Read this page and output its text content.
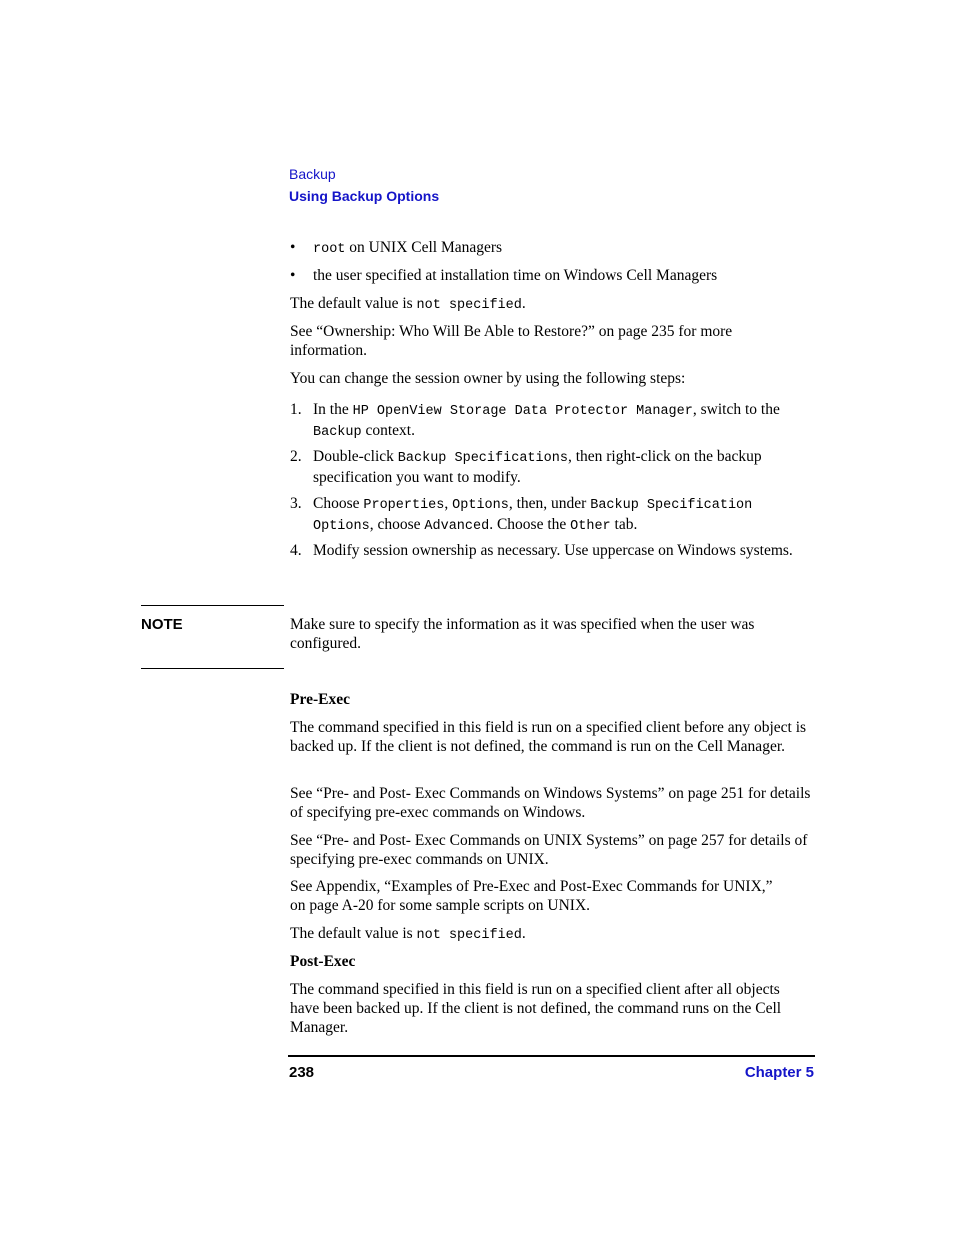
Backup
Using Backup Options
• root on UNIX Cell Managers

• the user specified at installation time on Windows Cell Managers

The default value is not specified.

See “Ownership: Who Will Be Able to Restore?” on page 235 for more information.

You can change the session owner by using the following steps:

1. In the HP OpenView Storage Data Protector Manager, switch to the Backup context.

2. Double-click Backup Specifications, then right-click on the backup specification you want to modify.

3. Choose Properties, Options, then, under Backup Specification Options, choose Advanced. Choose the Other tab.

4. Modify session ownership as necessary. Use uppercase on Windows systems.

NOTE	Make sure to specify the information as it was specified when the user was configured.

Pre-Exec

The command specified in this field is run on a specified client before any object is backed up. If the client is not defined, the command is run on the Cell Manager.

See “Pre- and Post- Exec Commands on Windows Systems” on page 251 for details of specifying pre-exec commands on Windows.

See “Pre- and Post- Exec Commands on UNIX Systems” on page 257 for details of specifying pre-exec commands on UNIX.

See Appendix, “Examples of Pre-Exec and Post-Exec Commands for UNIX,” on page A-20 for some sample scripts on UNIX.

The default value is not specified.

Post-Exec

The command specified in this field is run on a specified client after all objects have been backed up. If the client is not defined, the command runs on the Cell Manager.

238	Chapter 5
